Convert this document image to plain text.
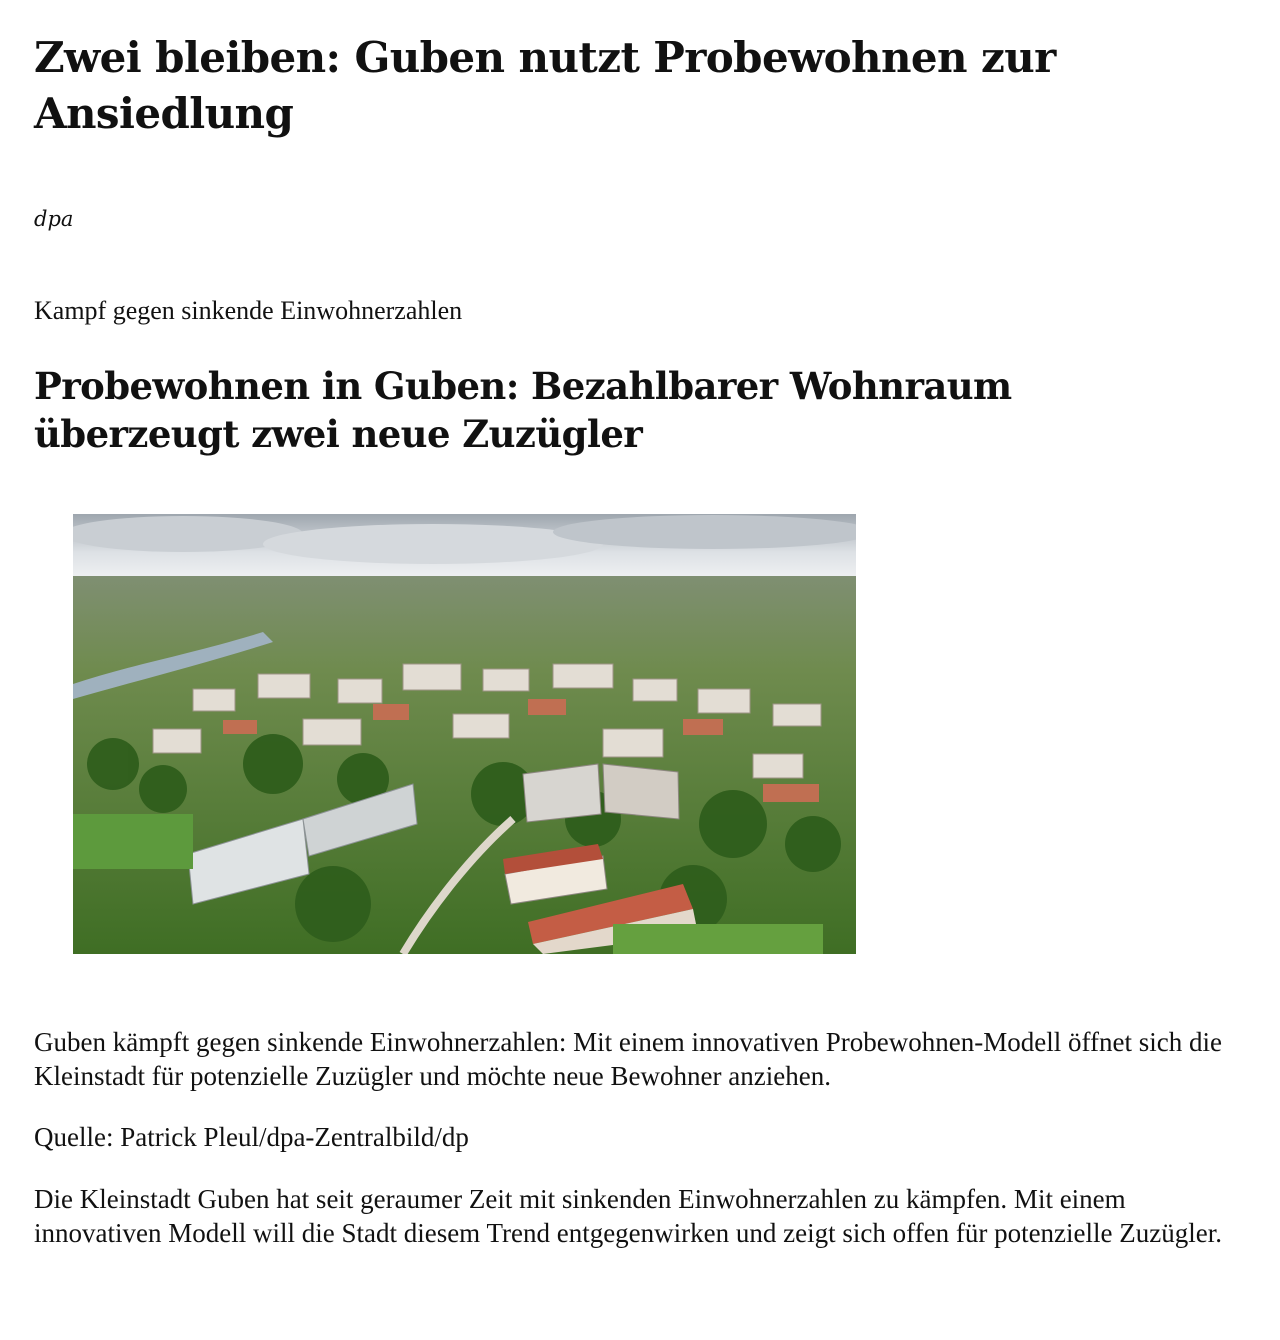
Zwei bleiben: Guben nutzt Probewohnen zur Ansiedlung

dpa

Kampf gegen sinkende Einwohnerzahlen

Probewohnen in Guben: Bezahlbarer Wohnraum überzeugt zwei neue Zuzügler

Guben kämpft gegen sinkende Einwohnerzahlen: Mit einem innovativen Probewohnen-Modell öffnet sich die Kleinstadt für potenzielle Zuzügler und möchte neue Bewohner anziehen.

Quelle: Patrick Pleul/dpa-Zentralbild/dp

Die Kleinstadt Guben hat seit geraumer Zeit mit sinkenden Einwohnerzahlen zu kämpfen. Mit einem innovativen Modell will die Stadt diesem Trend entgegenwirken und zeigt sich offen für potenzielle Zuzügler.
